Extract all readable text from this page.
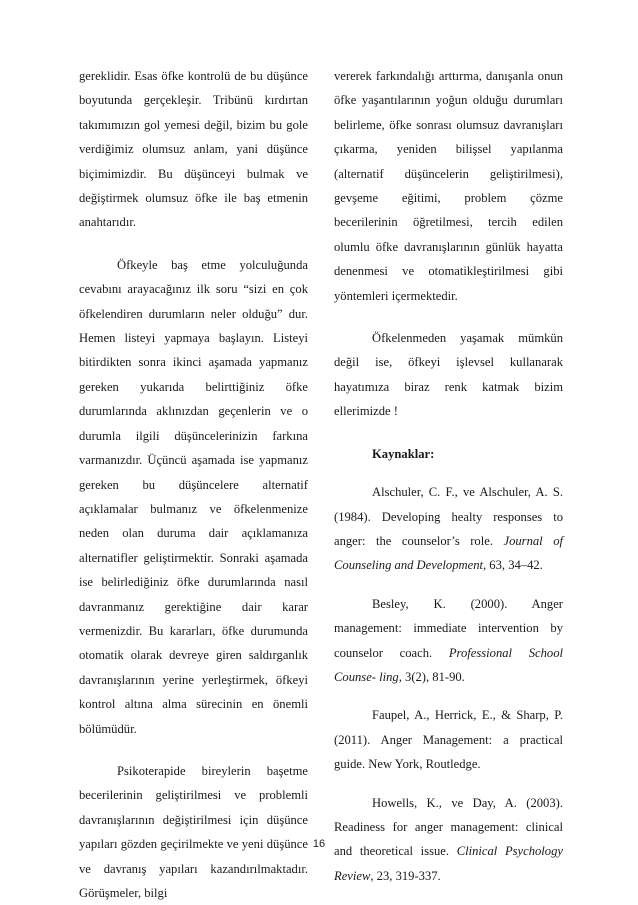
gereklidir. Esas öfke kontrolü de bu düşünce boyutunda gerçekleşir. Tribünü kırdırtan takımımızın gol yemesi değil, bizim bu gole verdiğimiz olumsuz anlam, yani düşünce biçimimizdir. Bu düşünceyi bulmak ve değiştirmek olumsuz öfke ile baş etmenin anahtarıdır.

Öfkeyle baş etme yolculuğunda cevabını arayacağınız ilk soru “sizi en çok öfkelendiren durumların neler olduğu” dur. Hemen listeyi yapmaya başlayın. Listeyi bitirdikten sonra ikinci aşamada yapmanız gereken yukarıda belirttiğiniz öfke durumlarında aklınızdan geçenlerin ve o durumla ilgili düşüncelerinizin farkına varmanızdır. Üçüncü aşamada ise yapmanız gereken bu düşüncelere alternatif açıklamalar bulmanız ve öfkelenmenize neden olan duruma dair açıklamanıza alternatifler geliştirmektir. Sonraki aşamada ise belirlediğiniz öfke durumlarında nasıl davranmanız gerektiğine dair karar vermenizdir. Bu kararları, öfke durumunda otomatik olarak devreye giren saldırganlık davranışlarının yerine yerleştirmek, öfkeyi kontrol altına alma sürecinin en önemli bölümüdür.

Psikoterapide bireylerin başetme becerilerinin geliştirilmesi ve problemli davranışlarının değiştirilmesi için düşünce yapıları gözden geçirilmekte ve yeni düşünce ve davranış yapıları kazandırılmaktadır. Görüşmeler, bilgi

vererek farkındalığı arttırma, danışanla onun öfke yaşantılarının yoğun olduğu durumları belirleme, öfke sonrası olumsuz davranışları çıkarma, yeniden bilişsel yapılanma (alternatif düşüncelerin geliştirilmesi), gevşeme eğitimi, problem çözme becerilerinin öğretilmesi, tercih edilen olumlu öfke davranışlarının günlük hayatta denenmesi ve otomatikleştirilmesi gibi yöntemleri içermektedir.

Öfkelenmeden yaşamak mümkün değil ise, öfkeyi işlevsel kullanarak hayatımıza biraz renk katmak bizim ellerimizde !

Kaynaklar:

Alschuler, C. F., ve Alschuler, A. S. (1984). Developing healty responses to anger: the counselor’s role. Journal of Counseling and Development, 63, 34–42.

Besley, K. (2000). Anger management: immediate intervention by counselor coach. Professional School Counse- ling, 3(2), 81-90.

Faupel, A., Herrick, E., & Sharp, P. (2011). Anger Management: a practical guide. New York, Routledge.

Howells, K., ve Day, A. (2003). Readiness for anger management: clinical and theoretical issue. Clinical Psychology Review, 23, 319-337.

16
